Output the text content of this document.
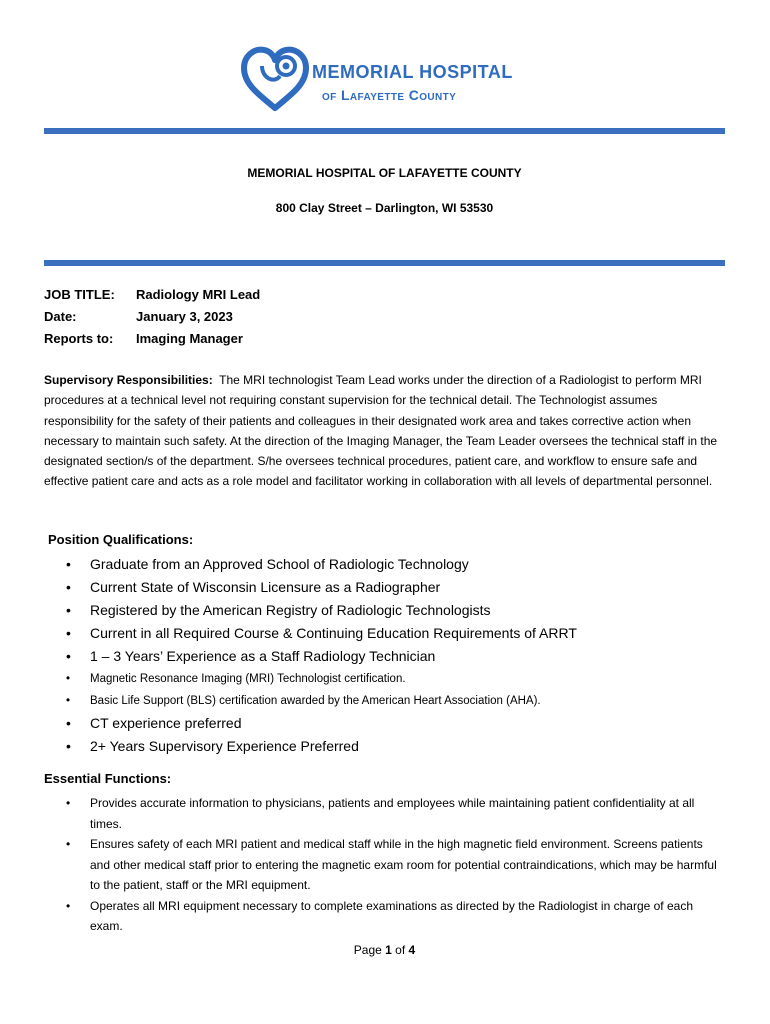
MEMORIAL HOSPITAL
of Lafayette County
MEMORIAL HOSPITAL OF LAFAYETTE COUNTY
800 Clay Street – Darlington, WI 53530
JOB TITLE: Radiology MRI Lead
Date:	January 3, 2023
Reports to: Imaging Manager
Supervisory Responsibilities: The MRI technologist Team Lead works under the direction of a Radiologist to perform MRI procedures at a technical level not requiring constant supervision for the technical detail. The Technologist assumes responsibility for the safety of their patients and colleagues in their designated work area and takes corrective action when necessary to maintain such safety. At the direction of the Imaging Manager, the Team Leader oversees the technical staff in the designated section/s of the department. S/he oversees technical procedures, patient care, and workflow to ensure safe and effective patient care and acts as a role model and facilitator working in collaboration with all levels of departmental personnel.
Position Qualifications:
• Graduate from an Approved School of Radiologic Technology
• Current State of Wisconsin Licensure as a Radiographer
• Registered by the American Registry of Radiologic Technologists
• Current in all Required Course & Continuing Education Requirements of ARRT
• 1 – 3 Years’ Experience as a Staff Radiology Technician
• Magnetic Resonance Imaging (MRI) Technologist certification.
• Basic Life Support (BLS) certification awarded by the American Heart Association (AHA).
• CT experience preferred
• 2+ Years Supervisory Experience Preferred
Essential Functions:
• Provides accurate information to physicians, patients and employees while maintaining patient confidentiality at all times.
• Ensures safety of each MRI patient and medical staff while in the high magnetic field environment. Screens patients and other medical staff prior to entering the magnetic exam room for potential contraindications, which may be harmful to the patient, staff or the MRI equipment.
• Operates all MRI equipment necessary to complete examinations as directed by the Radiologist in charge of each exam.
Page 1 of 4
